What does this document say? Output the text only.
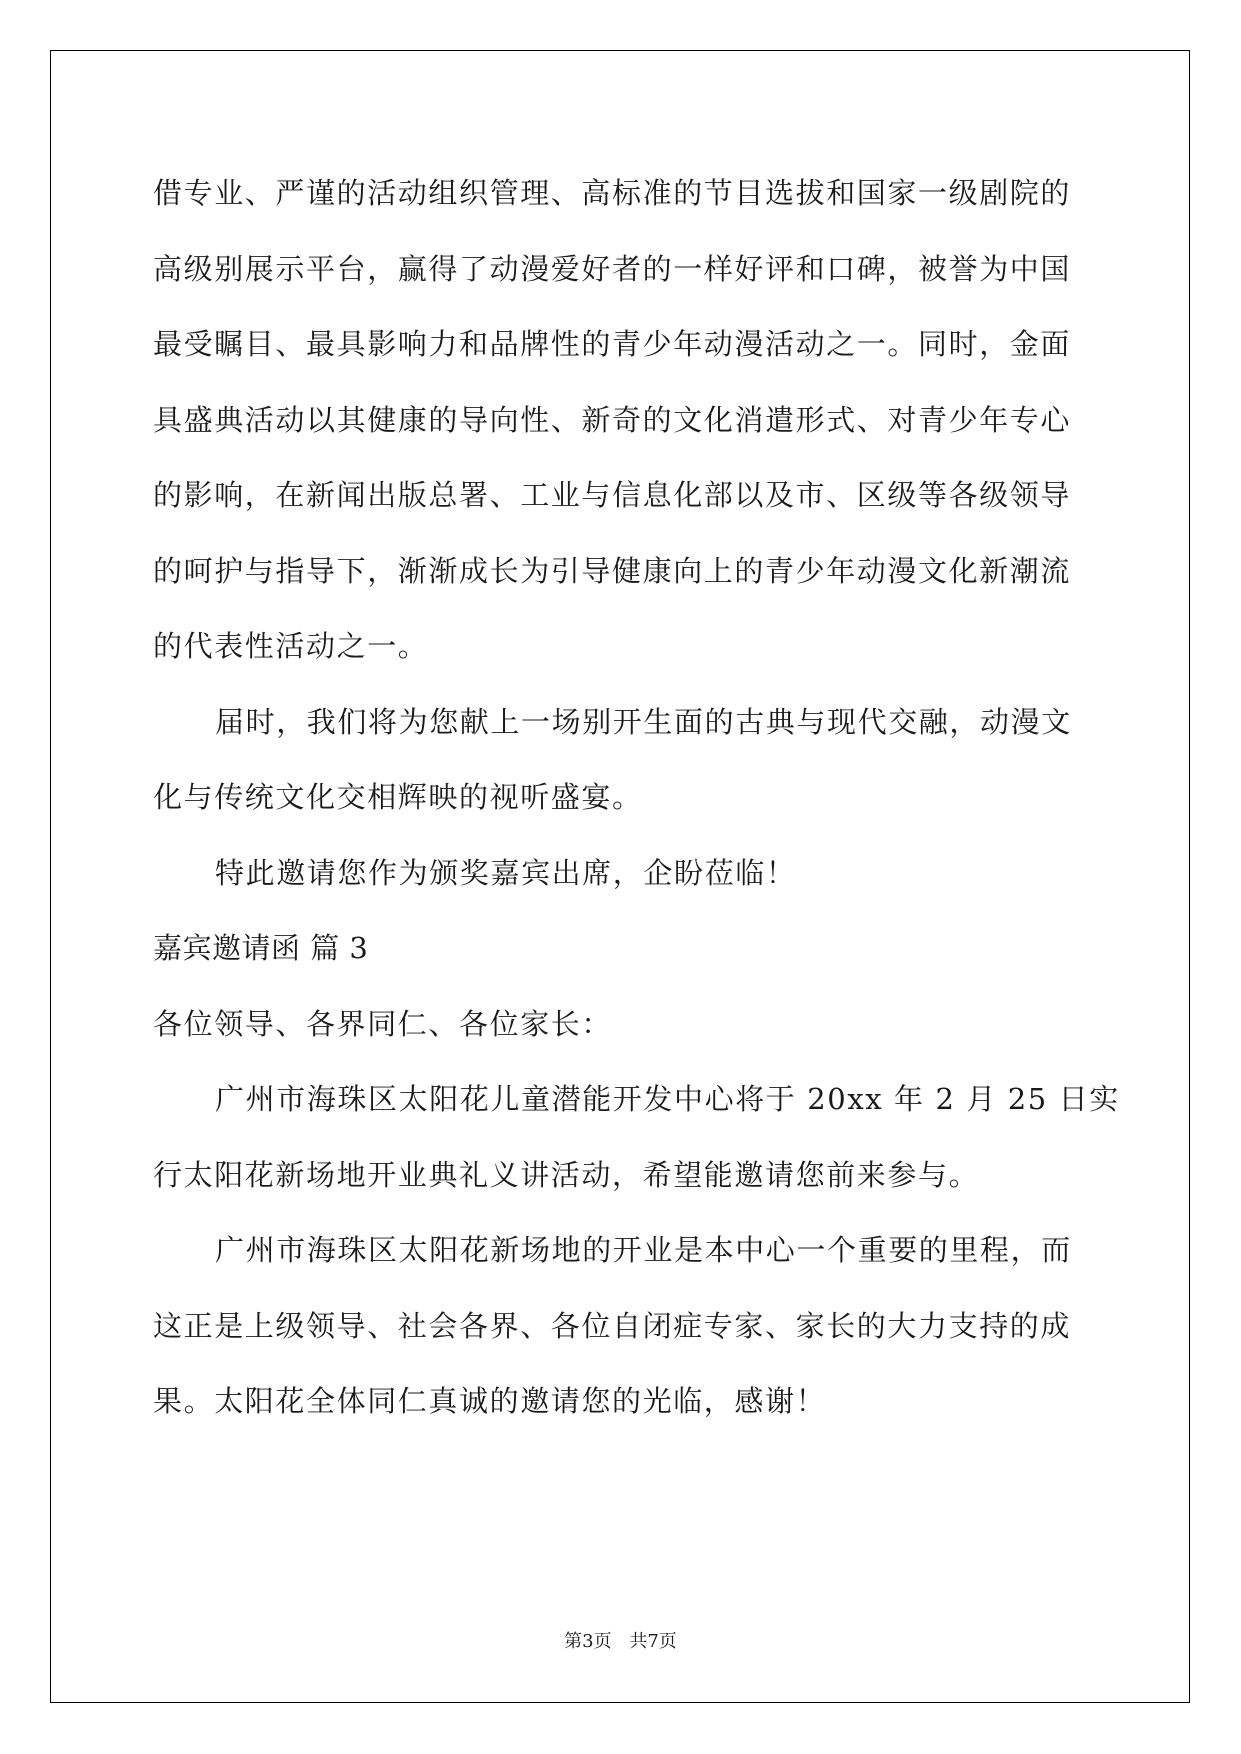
借专业、严谨的活动组织管理、高标准的节目选拔和国家一级剧院的
高级别展示平台，赢得了动漫爱好者的一样好评和口碑，被誉为中国
最受瞩目、最具影响力和品牌性的青少年动漫活动之一。同时，金面
具盛典活动以其健康的导向性、新奇的文化消遣形式、对青少年专心
的影响，在新闻出版总署、工业与信息化部以及市、区级等各级领导
的呵护与指导下，渐渐成长为引导健康向上的青少年动漫文化新潮流
的代表性活动之一。
届时，我们将为您献上一场别开生面的古典与现代交融，动漫文
化与传统文化交相辉映的视听盛宴。
特此邀请您作为颁奖嘉宾出席，企盼莅临！
嘉宾邀请函 篇 3
各位领导、各界同仁、各位家长：
广州市海珠区太阳花儿童潜能开发中心将于 20xx 年 2 月 25 日实
行太阳花新场地开业典礼义讲活动，希望能邀请您前来参与。
广州市海珠区太阳花新场地的开业是本中心一个重要的里程，而
这正是上级领导、社会各界、各位自闭症专家、家长的大力支持的成
果。太阳花全体同仁真诚的邀请您的光临，感谢！
第3页 共7页
